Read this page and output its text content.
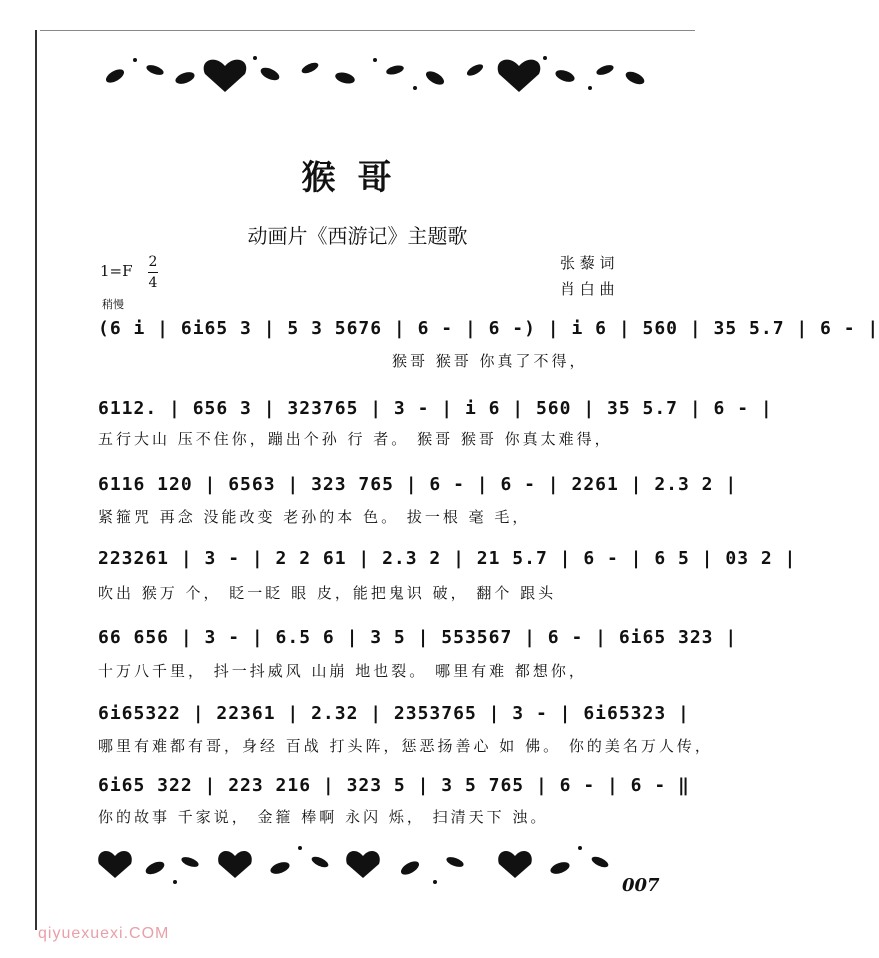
猴哥
动画片《西游记》主题歌
1=F 2
4
张 藜 词
肖 白 曲
稍慢
(6 i | 6i65 3 | 5 3 5676 | 6 - | 6 -) | i 6 | 560 | 35 5.7 | 6 - |
猴哥 猴哥 你真了不得，
6112. | 656 3 | 323765 | 3 - | i 6 | 560 | 35 5.7 | 6 - |
五行大山 压不住你，蹦出个孙 行 者。 猴哥 猴哥 你真太难得，
6116 120 | 6563 | 323 765 | 6 - | 6 - | 2261 | 2.3 2 |
紧箍咒 再念 没能改变 老孙的本 色。 拔一根 毫 毛，
223261 | 3 - | 2 2 61 | 2.3 2 | 21 5.7 | 6 - | 6 5 | 03 2 |
吹出 猴万 个， 眨一眨 眼 皮，能把鬼识 破， 翻个 跟头
66 656 | 3 - | 6.5 6 | 3 5 | 553567 | 6 - | 6i65 323 |
十万八千里， 抖一抖威风 山崩 地也裂。 哪里有难 都想你，
6i65322 | 22361 | 2.32 | 2353765 | 3 - | 6i65323 |
哪里有难都有哥，身经 百战 打头阵，惩恶扬善心 如 佛。 你的美名万人传，
6i65 322 | 223 216 | 323 5 | 3 5 765 | 6 - | 6 - ‖
你的故事 千家说， 金箍 棒啊 永闪 烁， 扫清天下 浊。
007
qiyuexuexi.COM
